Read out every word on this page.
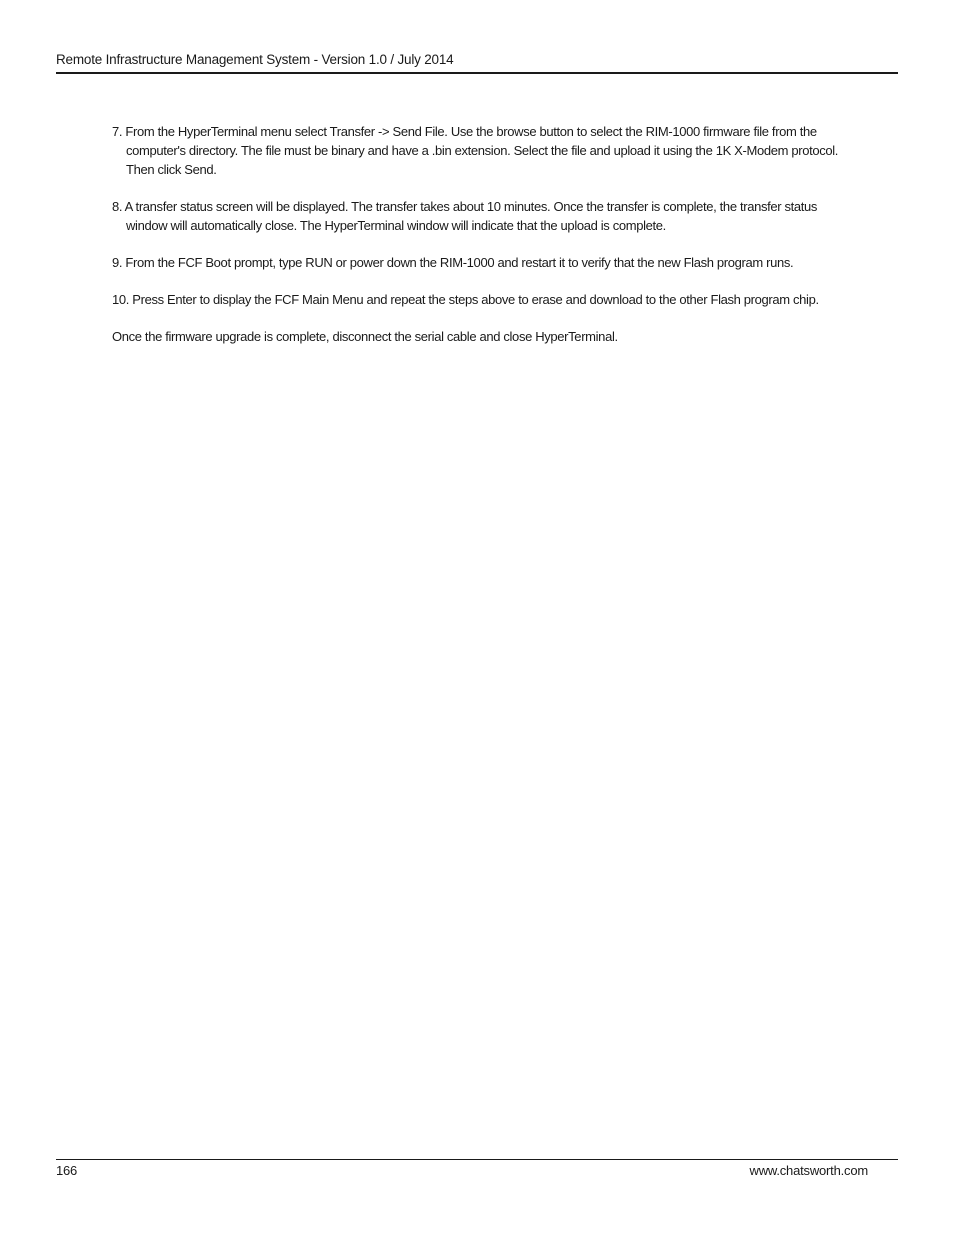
Remote Infrastructure Management System - Version 1.0 / July 2014

7. From the HyperTerminal menu select Transfer -> Send File. Use the browse button to select the RIM-1000 firmware file from the computer's directory. The file must be binary and have a .bin extension. Select the file and upload it using the 1K X-Modem protocol. Then click Send.

8. A transfer status screen will be displayed. The transfer takes about 10 minutes. Once the transfer is complete, the transfer status window will automatically close. The HyperTerminal window will indicate that the upload is complete.

9. From the FCF Boot prompt, type RUN or power down the RIM-1000 and restart it to verify that the new Flash program runs.

10. Press Enter to display the FCF Main Menu and repeat the steps above to erase and download to the other Flash program chip.

Once the firmware upgrade is complete, disconnect the serial cable and close HyperTerminal.

166	www.chatsworth.com
